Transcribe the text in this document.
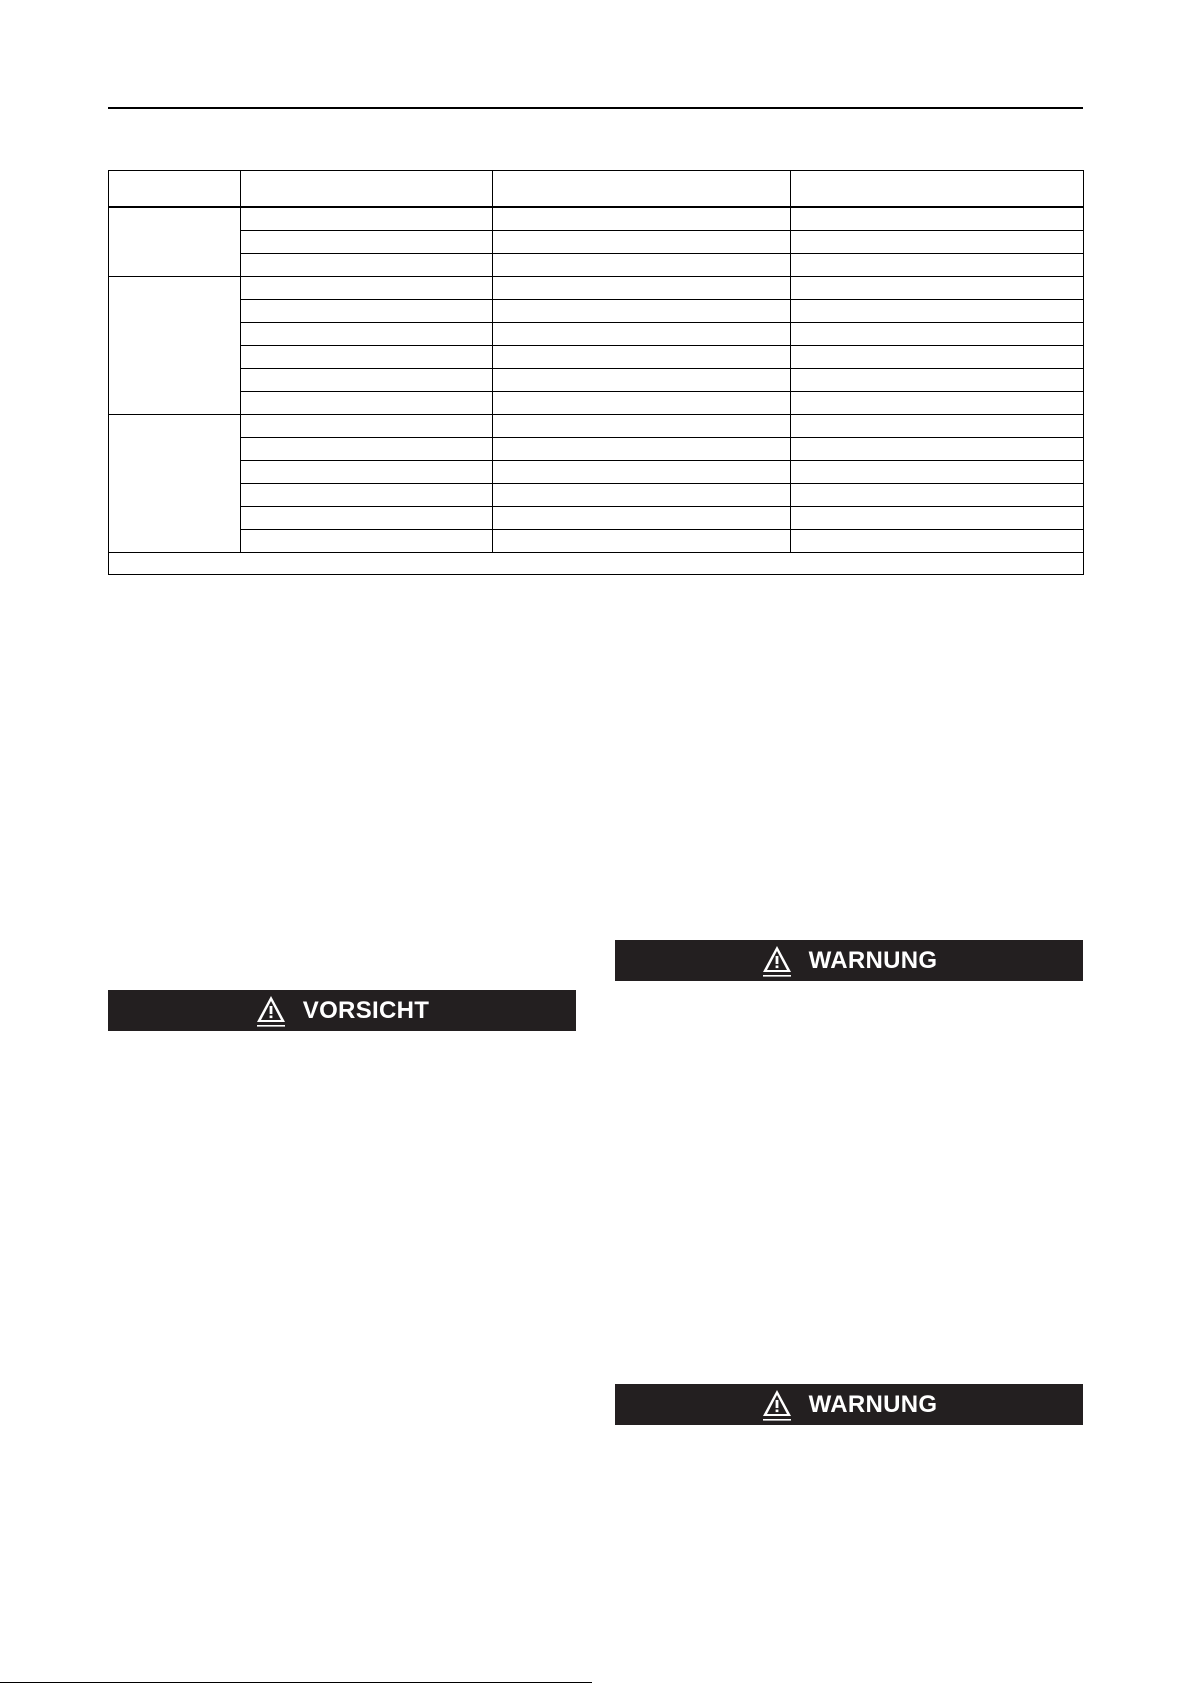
VORSICHT
WARNUNG
WARNUNG
